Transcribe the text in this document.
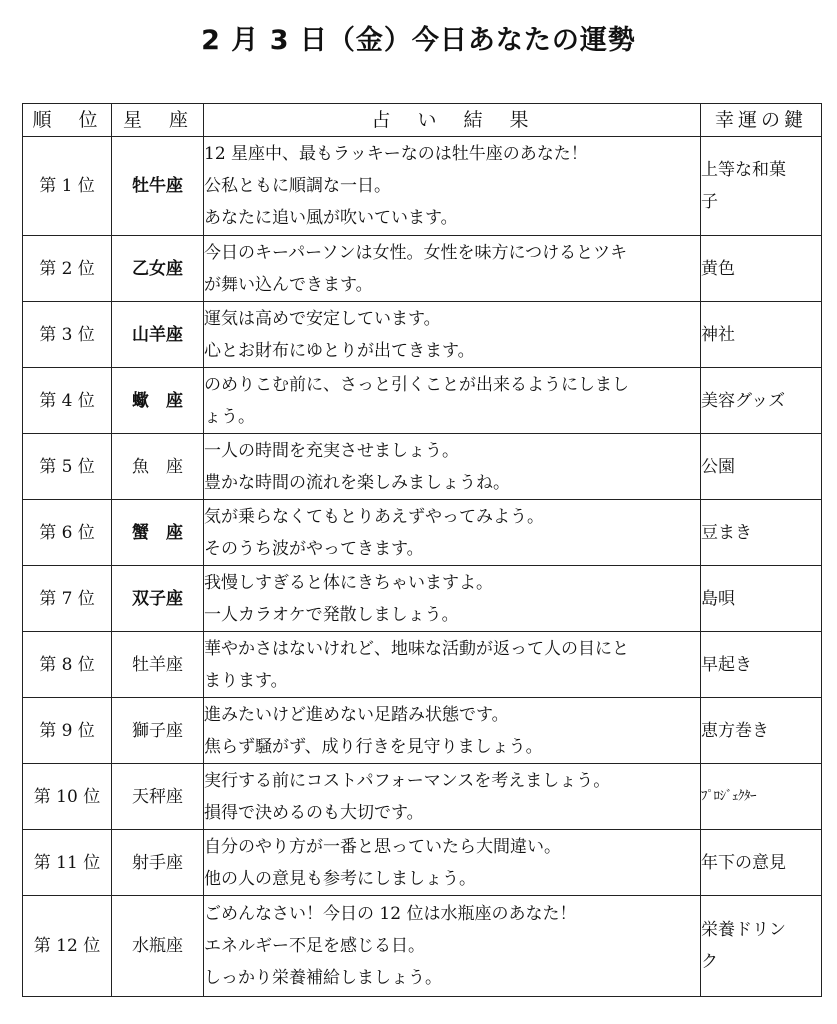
2 月 3 日（金）今日あなたの運勢
順　位	星　座	占　い　結　果	幸運の鍵
第 1 位	牡牛座	12 星座中、最もラッキーなのは牡牛座のあなた！
公私ともに順調な一日。
あなたに追い風が吹いています。	上等な和菓
子

第 2 位	乙女座	今日のキーパーソンは女性。女性を味方につけるとツキ
が舞い込んできます。	黄色

第 3 位	山羊座	運気は高めで安定しています。
心とお財布にゆとりが出てきます。	神社

第 4 位	蠍　座	のめりこむ前に、さっと引くことが出来るようにしまし
ょう。	美容グッズ

第 5 位	魚　座	一人の時間を充実させましょう。
豊かな時間の流れを楽しみましょうね。	公園

第 6 位	蟹　座	気が乗らなくてもとりあえずやってみよう。
そのうち波がやってきます。	豆まき

第 7 位	双子座	我慢しすぎると体にきちゃいますよ。
一人カラオケで発散しましょう。	島唄

第 8 位	牡羊座	華やかさはないけれど、地味な活動が返って人の目にと
まります。	早起き

第 9 位	獅子座	進みたいけど進めない足踏み状態です。
焦らず騒がず、成り行きを見守りましょう。	恵方巻き

第 10 位	天秤座	実行する前にコストパフォーマンスを考えましょう。
損得で決めるのも大切です。	ﾌﾟﾛｼﾞｪｸﾀｰ

第 11 位	射手座	自分のやり方が一番と思っていたら大間違い。
他の人の意見も参考にしましょう。	年下の意見

第 12 位	水瓶座	ごめんなさい！今日の 12 位は水瓶座のあなた！
エネルギー不足を感じる日。
しっかり栄養補給しましょう。	栄養ドリン
ク
